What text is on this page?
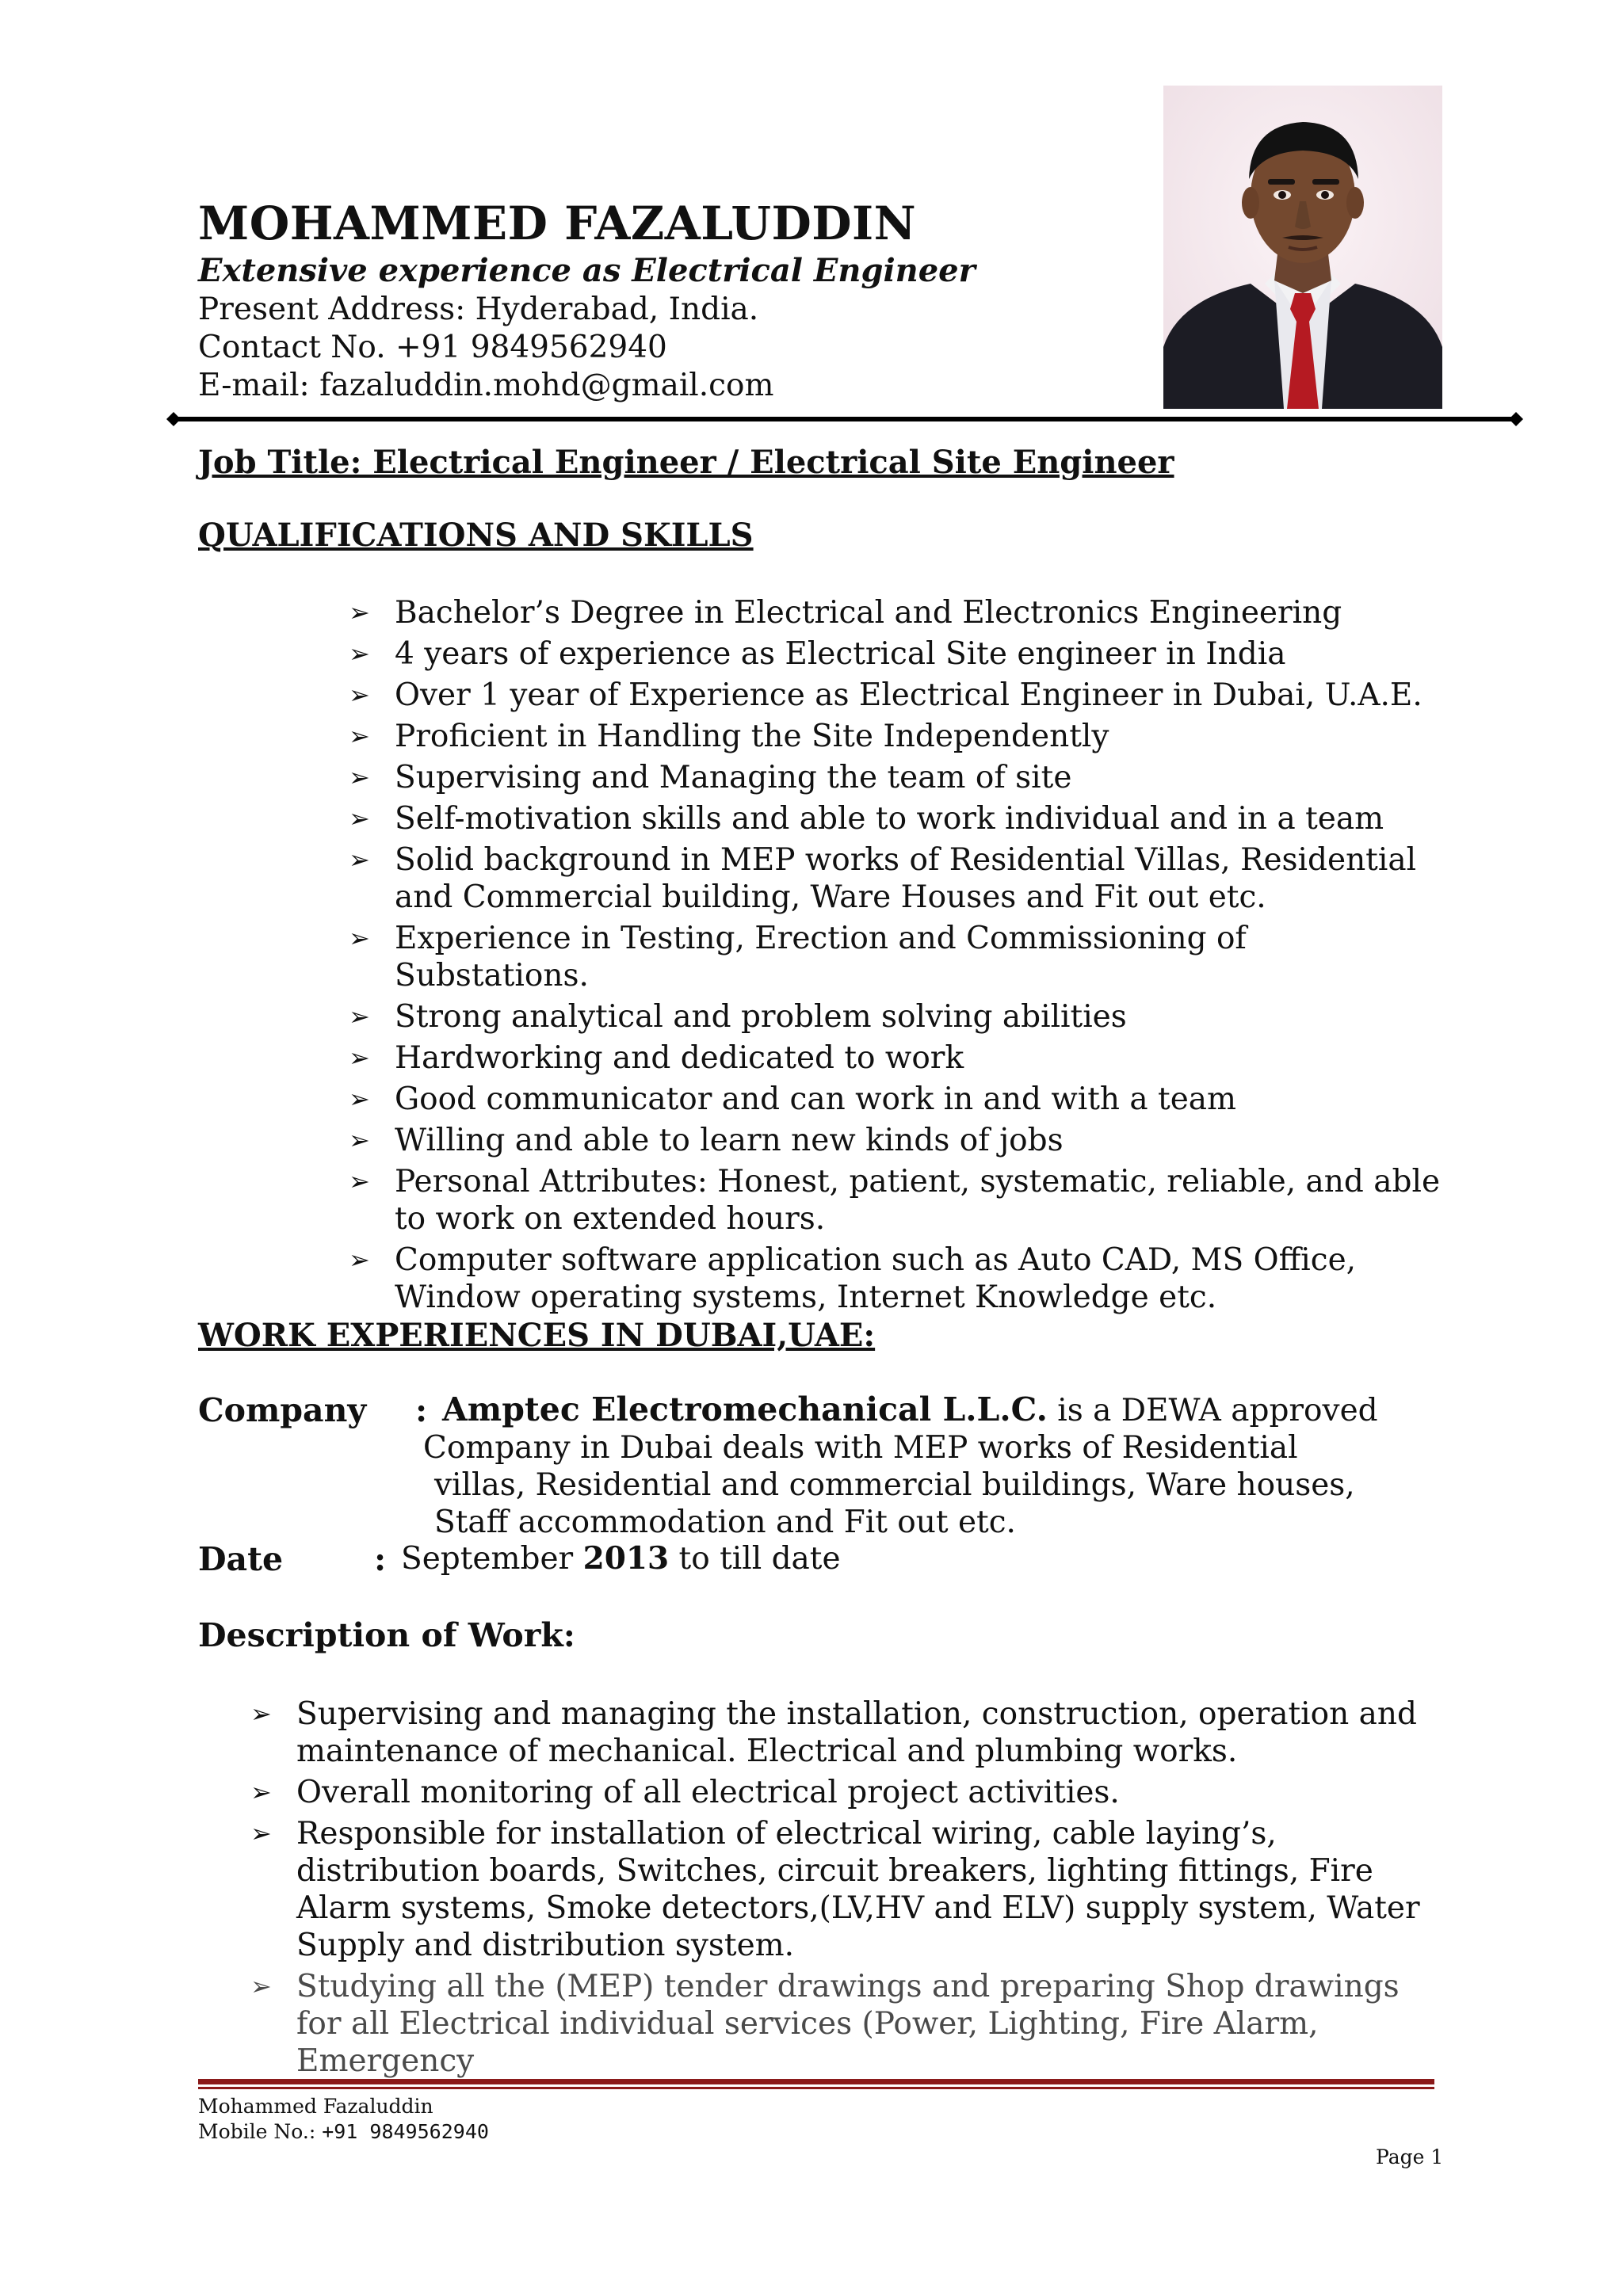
MOHAMMED FAZALUDDIN
Extensive experience as Electrical Engineer
Present Address: Hyderabad, India.
Contact No. +91 9849562940
E-mail: fazaluddin.mohd@gmail.com
Job Title: Electrical Engineer / Electrical Site Engineer
QUALIFICATIONS AND SKILLS
➢ Bachelor’s Degree in Electrical and Electronics Engineering
➢ 4 years of experience as Electrical Site engineer in India
➢ Over 1 year of Experience as Electrical Engineer in Dubai, U.A.E.
➢ Proficient in Handling the Site Independently
➢ Supervising and Managing the team of site
➢ Self-motivation skills and able to work individual and in a team
➢ Solid background in MEP works of Residential Villas, Residential and Commercial building, Ware Houses and Fit out etc.
➢ Experience in Testing, Erection and Commissioning of Substations.
➢ Strong analytical and problem solving abilities
➢ Hardworking and dedicated to work
➢ Good communicator and can work in and with a team
➢ Willing and able to learn new kinds of jobs
➢ Personal Attributes: Honest, patient, systematic, reliable, and able to work on extended hours.
➢ Computer software application such as Auto CAD, MS Office, Window operating systems, Internet Knowledge etc.
WORK EXPERIENCES IN DUBAI,UAE:
Company : Amptec Electromechanical L.L.C. is a DEWA approved
Company in Dubai deals with MEP works of Residential
villas, Residential and commercial buildings, Ware houses,
Staff accommodation and Fit out etc.
Date	: September 2013 to till date
Description of Work:
➢ Supervising and managing the installation, construction, operation and maintenance of mechanical. Electrical and plumbing works.
➢ Overall monitoring of all electrical project activities.
➢ Responsible for installation of electrical wiring, cable laying’s, distribution boards, Switches, circuit breakers, lighting fittings, Fire Alarm systems, Smoke detectors,(LV,HV and ELV) supply system, Water Supply and distribution system.
➢ Studying all the (MEP) tender drawings and preparing Shop drawings for all Electrical individual services (Power, Lighting, Fire Alarm, Emergency
Mohammed Fazaluddin
Mobile No.: +91 9849562940
Page 1
